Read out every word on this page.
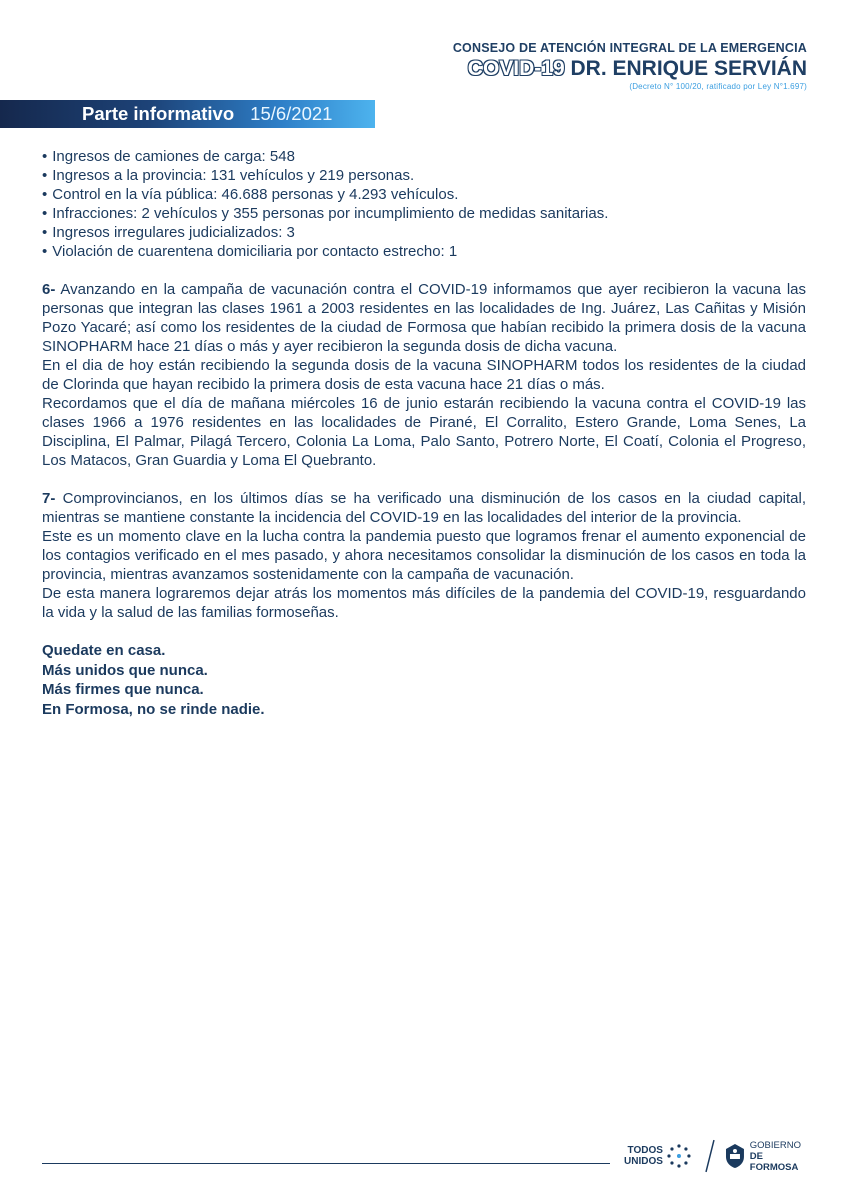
CONSEJO DE ATENCIÓN INTEGRAL DE LA EMERGENCIA
COVID-19 DR. ENRIQUE SERVIÁN
(Decreto N° 100/20, ratificado por Ley N°1.697)
Parte informativo 15/6/2021
• Ingresos de camiones de carga: 548
• Ingresos a la provincia: 131 vehículos y 219 personas.
• Control en la vía pública: 46.688 personas y 4.293 vehículos.
• Infracciones: 2 vehículos y 355 personas por incumplimiento de medidas sanitarias.
• Ingresos irregulares judicializados: 3
• Violación de cuarentena domiciliaria por contacto estrecho: 1

6- Avanzando en la campaña de vacunación contra el COVID-19 informamos que ayer recibieron la vacuna las personas que integran las clases 1961 a 2003 residentes en las localidades de Ing. Juárez, Las Cañitas y Misión Pozo Yacaré; así como los residentes de la ciudad de Formosa que habían recibido la primera dosis de la vacuna SINOPHARM hace 21 días o más y ayer recibieron la segunda dosis de dicha vacuna.

En el dia de hoy están recibiendo la segunda dosis de la vacuna SINOPHARM todos los residentes de la ciudad de Clorinda que hayan recibido la primera dosis de esta vacuna hace 21 días o más.

Recordamos que el día de mañana miércoles 16 de junio estarán recibiendo la vacuna contra el COVID-19 las clases 1966 a 1976 residentes en las localidades de Pirané, El Corralito, Estero Grande, Loma Senes, La Disciplina, El Palmar, Pilagá Tercero, Colonia La Loma, Palo Santo, Potrero Norte, El Coatí, Colonia el Progreso, Los Matacos, Gran Guardia y Loma El Quebranto.

7- Comprovincianos, en los últimos días se ha verificado una disminución de los casos en la ciudad capital, mientras se mantiene constante la incidencia del COVID-19 en las localidades del interior de la provincia.

Este es un momento clave en la lucha contra la pandemia puesto que logramos frenar el aumento exponencial de los contagios verificado en el mes pasado, y ahora necesitamos consolidar la disminución de los casos en toda la provincia, mientras avanzamos sostenidamente con la campaña de vacunación.

De esta manera lograremos dejar atrás los momentos más difíciles de la pandemia del COVID-19, resguardando la vida y la salud de las familias formoseñas.

Quedate en casa.
Más unidos que nunca.
Más firmes que nunca.
En Formosa, no se rinde nadie.
TODOS
UNIDOS
GOBIERNO
DE FORMOSA
